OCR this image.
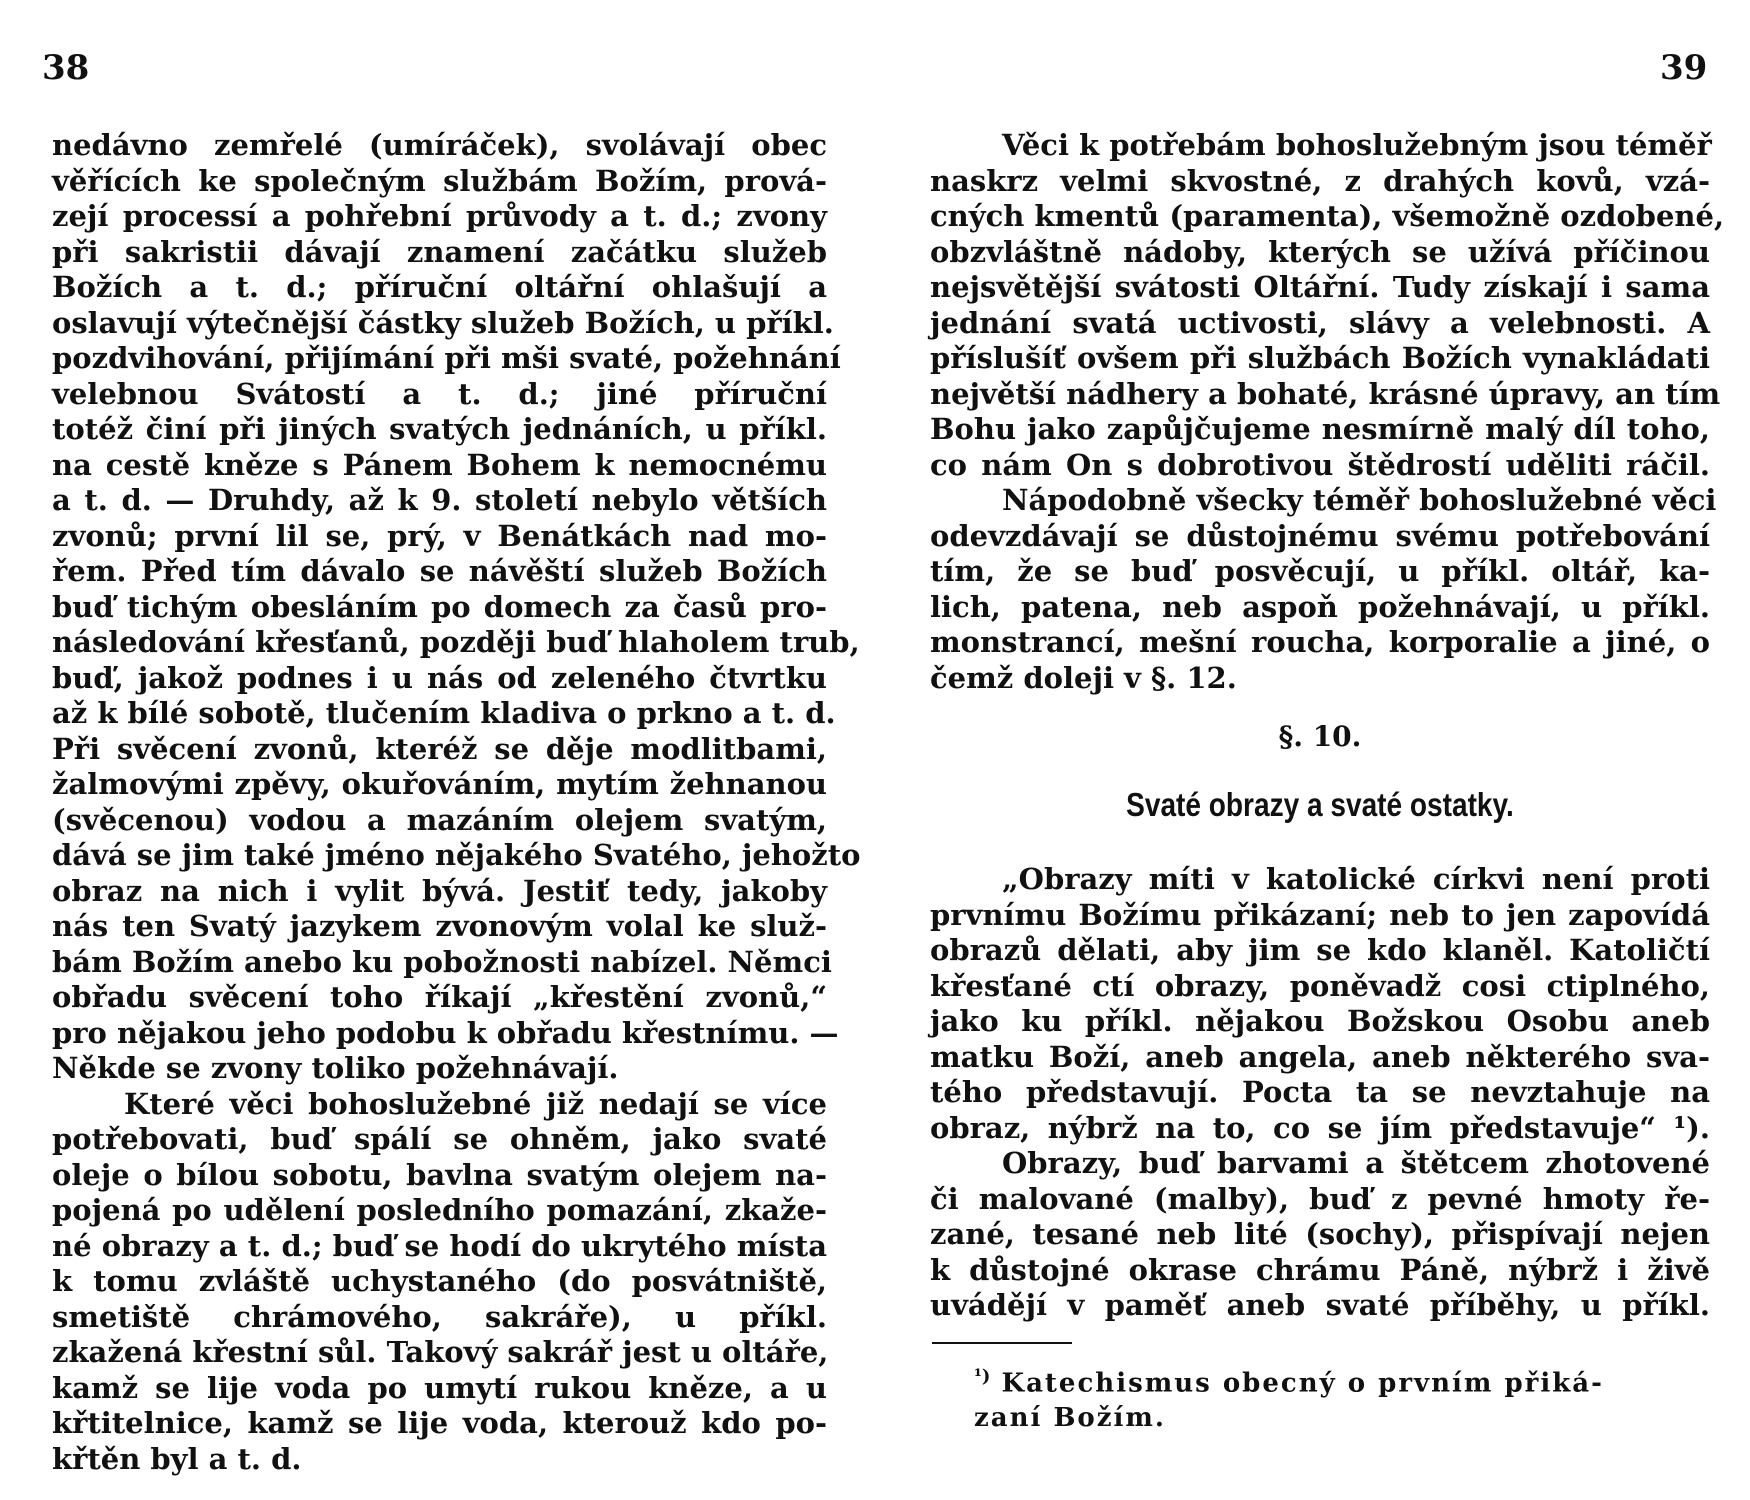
38	39
nedávno zemřelé (umíráček), svolávají obec
věřících ke společným službám Božím, prová-
zejí processí a pohřební průvody a t. d.; zvony
při sakristii dávají znamení začátku služeb
Božích a t. d.; příruční oltářní ohlašují a
oslavují výtečnější částky služeb Božích, u příkl.
pozdvihování, přijímání při mši svaté, požehnání
velebnou Svátostí a t. d.; jiné příruční
totéž činí při jiných svatých jednáních, u příkl.
na cestě kněze s Pánem Bohem k nemocnému
a t. d. — Druhdy, až k 9. století nebylo větších
zvonů; první lil se, prý, v Benátkách nad mo-
řem. Před tím dávalo se návěští služeb Božích
buď tichým obesláním po domech za časů pro-
následování křesťanů, později buď hlaholem trub,
buď, jakož podnes i u nás od zeleného čtvrtku
až k bílé sobotě, tlučením kladiva o prkno a t. d.
Při svěcení zvonů, kteréž se děje modlitbami,
žalmovými zpěvy, okuřováním, mytím žehnanou
(svěcenou) vodou a mazáním olejem svatým,
dává se jim také jméno nějakého Svatého, jehožto
obraz na nich i vylit bývá. Jestiť tedy, jakoby
nás ten Svatý jazykem zvonovým volal ke služ-
bám Božím anebo ku pobožnosti nabízel. Němci
obřadu svěcení toho říkají „křestění zvonů,“
pro nějakou jeho podobu k obřadu křestnímu. —
Někde se zvony toliko požehnávají.
Které věci bohoslužebné již nedají se více
potřebovati, buď spálí se ohněm, jako svaté
oleje o bílou sobotu, bavlna svatým olejem na-
pojená po udělení posledního pomazání, zkaže-
né obrazy a t. d.; buď se hodí do ukrytého místa
k tomu zvláště uchystaného (do posvátniště,
smetiště chrámového, sakráře), u příkl.
zkažená křestní sůl. Takový sakrář jest u oltáře,
kamž se lije voda po umytí rukou kněze, a u
křtitelnice, kamž se lije voda, kterouž kdo po-
křtěn byl a t. d.
Věci k potřebám bohoslužebným jsou téměř
naskrz velmi skvostné, z drahých kovů, vzá-
cných kmentů (paramenta), všemožně ozdobené,
obzvláštně nádoby, kterých se užívá příčinou
nejsvětější svátosti Oltářní. Tudy získají i sama
jednání svatá uctivosti, slávy a velebnosti. A
příslušíť ovšem při službách Božích vynakládati
největší nádhery a bohaté, krásné úpravy, an tím
Bohu jako zapůjčujeme nesmírně malý díl toho,
co nám On s dobrotivou štědrostí uděliti ráčil.
Nápodobně všecky téměř bohoslužebné věci
odevzdávají se důstojnému svému potřebování
tím, že se buď posvěcují, u příkl. oltář, ka-
lich, patena, neb aspoň požehnávají, u příkl.
monstrancí, mešní roucha, korporalie a jiné, o
čemž doleji v §. 12.
§. 10.
Svaté obrazy a svaté ostatky.
„Obrazy míti v katolické církvi není proti
prvnímu Božímu přikázaní; neb to jen zapovídá
obrazů dělati, aby jim se kdo klaněl. Katoličtí
křesťané ctí obrazy, poněvadž cosi ctiplného,
jako ku příkl. nějakou Božskou Osobu aneb
matku Boží, aneb angela, aneb některého sva-
tého představují. Pocta ta se nevztahuje na
obraz, nýbrž na to, co se jím představuje“ ¹).
Obrazy, buď barvami a štětcem zhotovené
či malované (malby), buď z pevné hmoty ře-
zané, tesané neb lité (sochy), přispívají nejen
k důstojné okrase chrámu Páně, nýbrž i živě
uvádějí v paměť aneb svaté příběhy, u příkl.
$^{^1)}$ Katechismus obecný o prvním přiká-
zaní Božím.
